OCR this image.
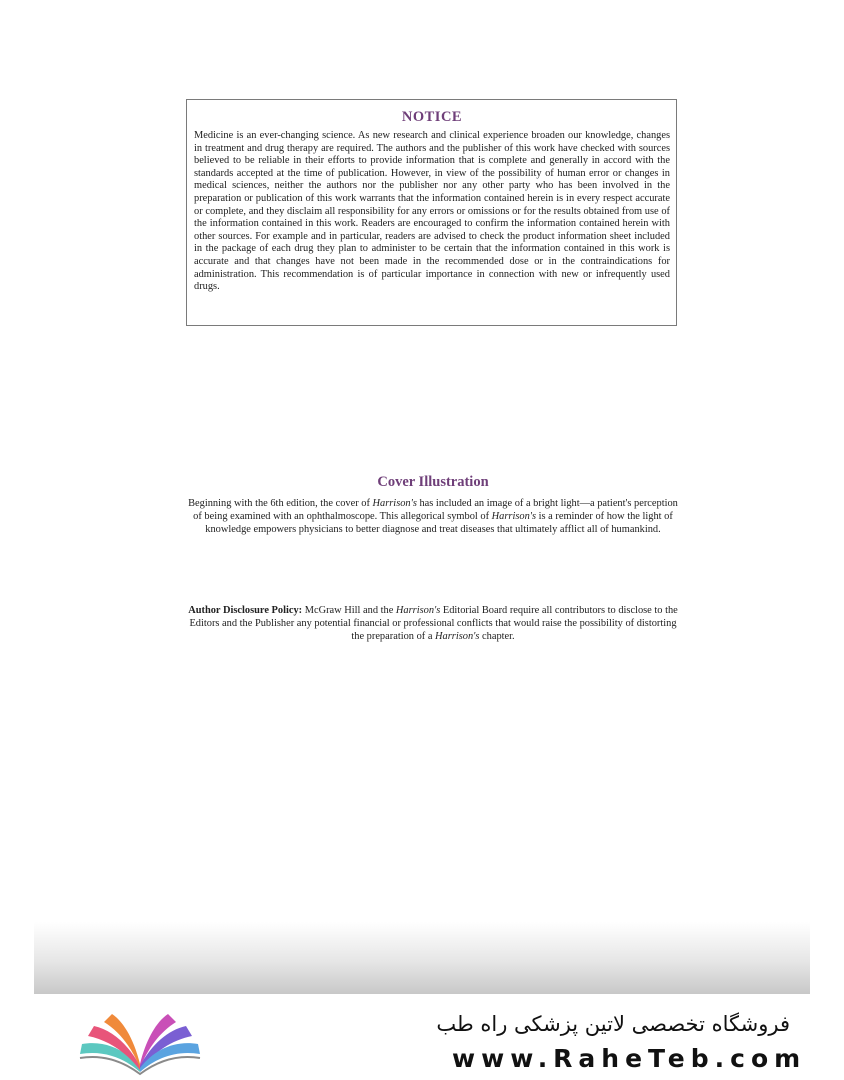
NOTICE

Medicine is an ever-changing science. As new research and clinical experience broaden our knowledge, changes in treatment and drug therapy are required. The authors and the publisher of this work have checked with sources believed to be reliable in their efforts to provide information that is complete and generally in accord with the standards accepted at the time of publication. However, in view of the possibility of human error or changes in medical sciences, neither the authors nor the publisher nor any other party who has been involved in the preparation or publication of this work warrants that the information contained herein is in every respect accurate or complete, and they disclaim all responsibility for any errors or omissions or for the results obtained from use of the information contained in this work. Readers are encouraged to confirm the information contained herein with other sources. For example and in particular, readers are advised to check the product information sheet included in the package of each drug they plan to administer to be certain that the information contained in this work is accurate and that changes have not been made in the recommended dose or in the contraindications for administration. This recommendation is of particular importance in connection with new or infrequently used drugs.

Cover Illustration

Beginning with the 6th edition, the cover of Harrison's has included an image of a bright light—a patient's perception of being examined with an ophthalmoscope. This allegorical symbol of Harrison's is a reminder of how the light of knowledge empowers physicians to better diagnose and treat diseases that ultimately afflict all of humankind.

Author Disclosure Policy: McGraw Hill and the Harrison's Editorial Board require all contributors to disclose to the Editors and the Publisher any potential financial or professional conflicts that would raise the possibility of distorting the preparation of a Harrison's chapter.

فروشگاه تخصصی لاتین پزشکی راه طب
www.RaheTeb.com
